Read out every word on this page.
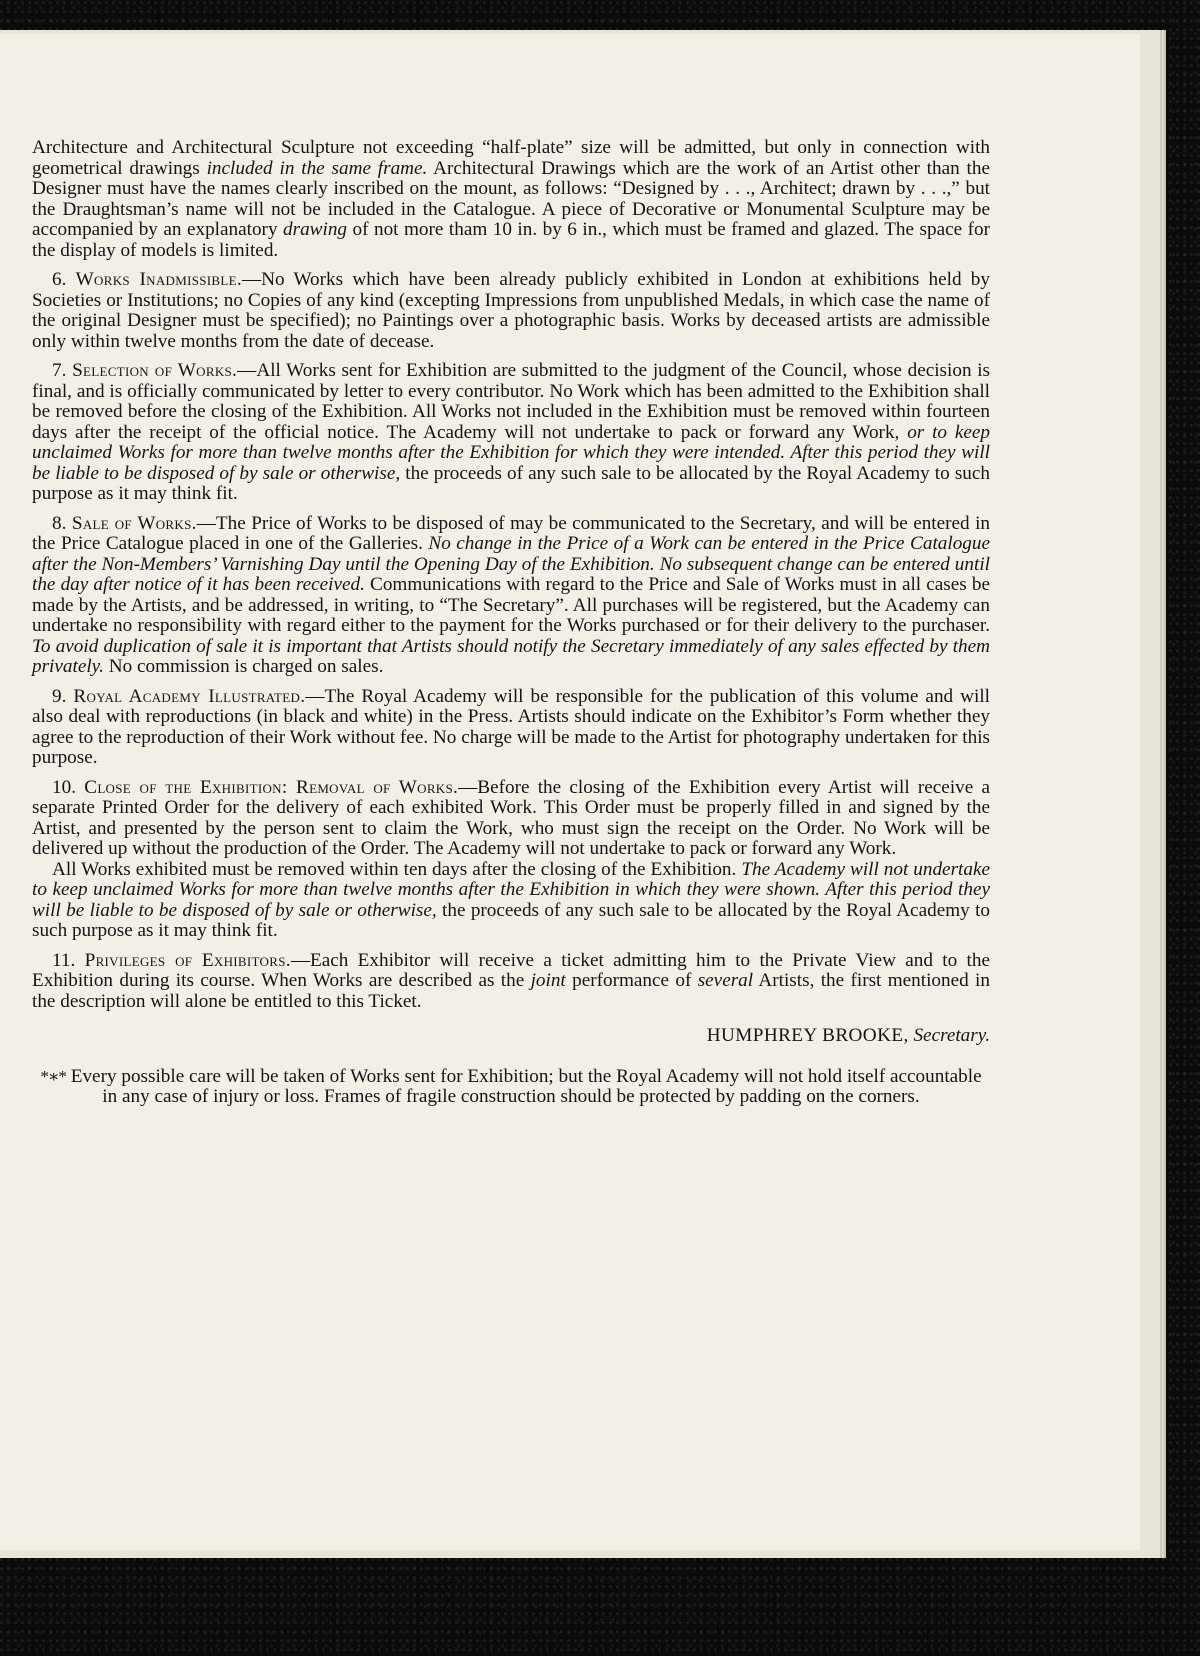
Architecture and Architectural Sculpture not exceeding “half-plate” size will be admitted, but only in connection with geometrical drawings included in the same frame. Architectural Drawings which are the work of an Artist other than the Designer must have the names clearly inscribed on the mount, as follows: “Designed by . . ., Architect; drawn by . . .,” but the Draughtsman’s name will not be included in the Catalogue. A piece of Decorative or Monumental Sculpture may be accompanied by an explanatory drawing of not more tham 10 in. by 6 in., which must be framed and glazed. The space for the display of models is limited.

6. Works Inadmissible.—No Works which have been already publicly exhibited in London at exhibitions held by Societies or Institutions; no Copies of any kind (excepting Impressions from unpublished Medals, in which case the name of the original Designer must be specified); no Paintings over a photographic basis. Works by deceased artists are admissible only within twelve months from the date of decease.

7. Selection of Works.—All Works sent for Exhibition are submitted to the judgment of the Council, whose decision is final, and is officially communicated by letter to every contributor. No Work which has been admitted to the Exhibition shall be removed before the closing of the Exhibition. All Works not included in the Exhibition must be removed within fourteen days after the receipt of the official notice. The Academy will not undertake to pack or forward any Work, or to keep unclaimed Works for more than twelve months after the Exhibition for which they were intended. After this period they will be liable to be disposed of by sale or otherwise, the proceeds of any such sale to be allocated by the Royal Academy to such purpose as it may think fit.

8. Sale of Works.—The Price of Works to be disposed of may be communicated to the Secretary, and will be entered in the Price Catalogue placed in one of the Galleries. No change in the Price of a Work can be entered in the Price Catalogue after the Non-Members’ Varnishing Day until the Opening Day of the Exhibition. No subsequent change can be entered until the day after notice of it has been received. Communications with regard to the Price and Sale of Works must in all cases be made by the Artists, and be addressed, in writing, to “The Secretary”. All purchases will be registered, but the Academy can undertake no responsibility with regard either to the payment for the Works purchased or for their delivery to the purchaser. To avoid duplication of sale it is important that Artists should notify the Secretary immediately of any sales effected by them privately. No commission is charged on sales.

9. Royal Academy Illustrated.—The Royal Academy will be responsible for the publication of this volume and will also deal with reproductions (in black and white) in the Press. Artists should indicate on the Exhibitor’s Form whether they agree to the reproduction of their Work without fee. No charge will be made to the Artist for photography undertaken for this purpose.

10. Close of the Exhibition: Removal of Works.—Before the closing of the Exhibition every Artist will receive a separate Printed Order for the delivery of each exhibited Work. This Order must be properly filled in and signed by the Artist, and presented by the person sent to claim the Work, who must sign the receipt on the Order. No Work will be delivered up without the production of the Order. The Academy will not undertake to pack or forward any Work.

All Works exhibited must be removed within ten days after the closing of the Exhibition. The Academy will not undertake to keep unclaimed Works for more than twelve months after the Exhibition in which they were shown. After this period they will be liable to be disposed of by sale or otherwise, the proceeds of any such sale to be allocated by the Royal Academy to such purpose as it may think fit.

11. Privileges of Exhibitors.—Each Exhibitor will receive a ticket admitting him to the Private View and to the Exhibition during its course. When Works are described as the joint performance of several Artists, the first mentioned in the description will alone be entitled to this Ticket.

HUMPHREY BROOKE, Secretary.

*∗* Every possible care will be taken of Works sent for Exhibition; but the Royal Academy will not hold itself accountable in any case of injury or loss. Frames of fragile construction should be protected by padding on the corners.
